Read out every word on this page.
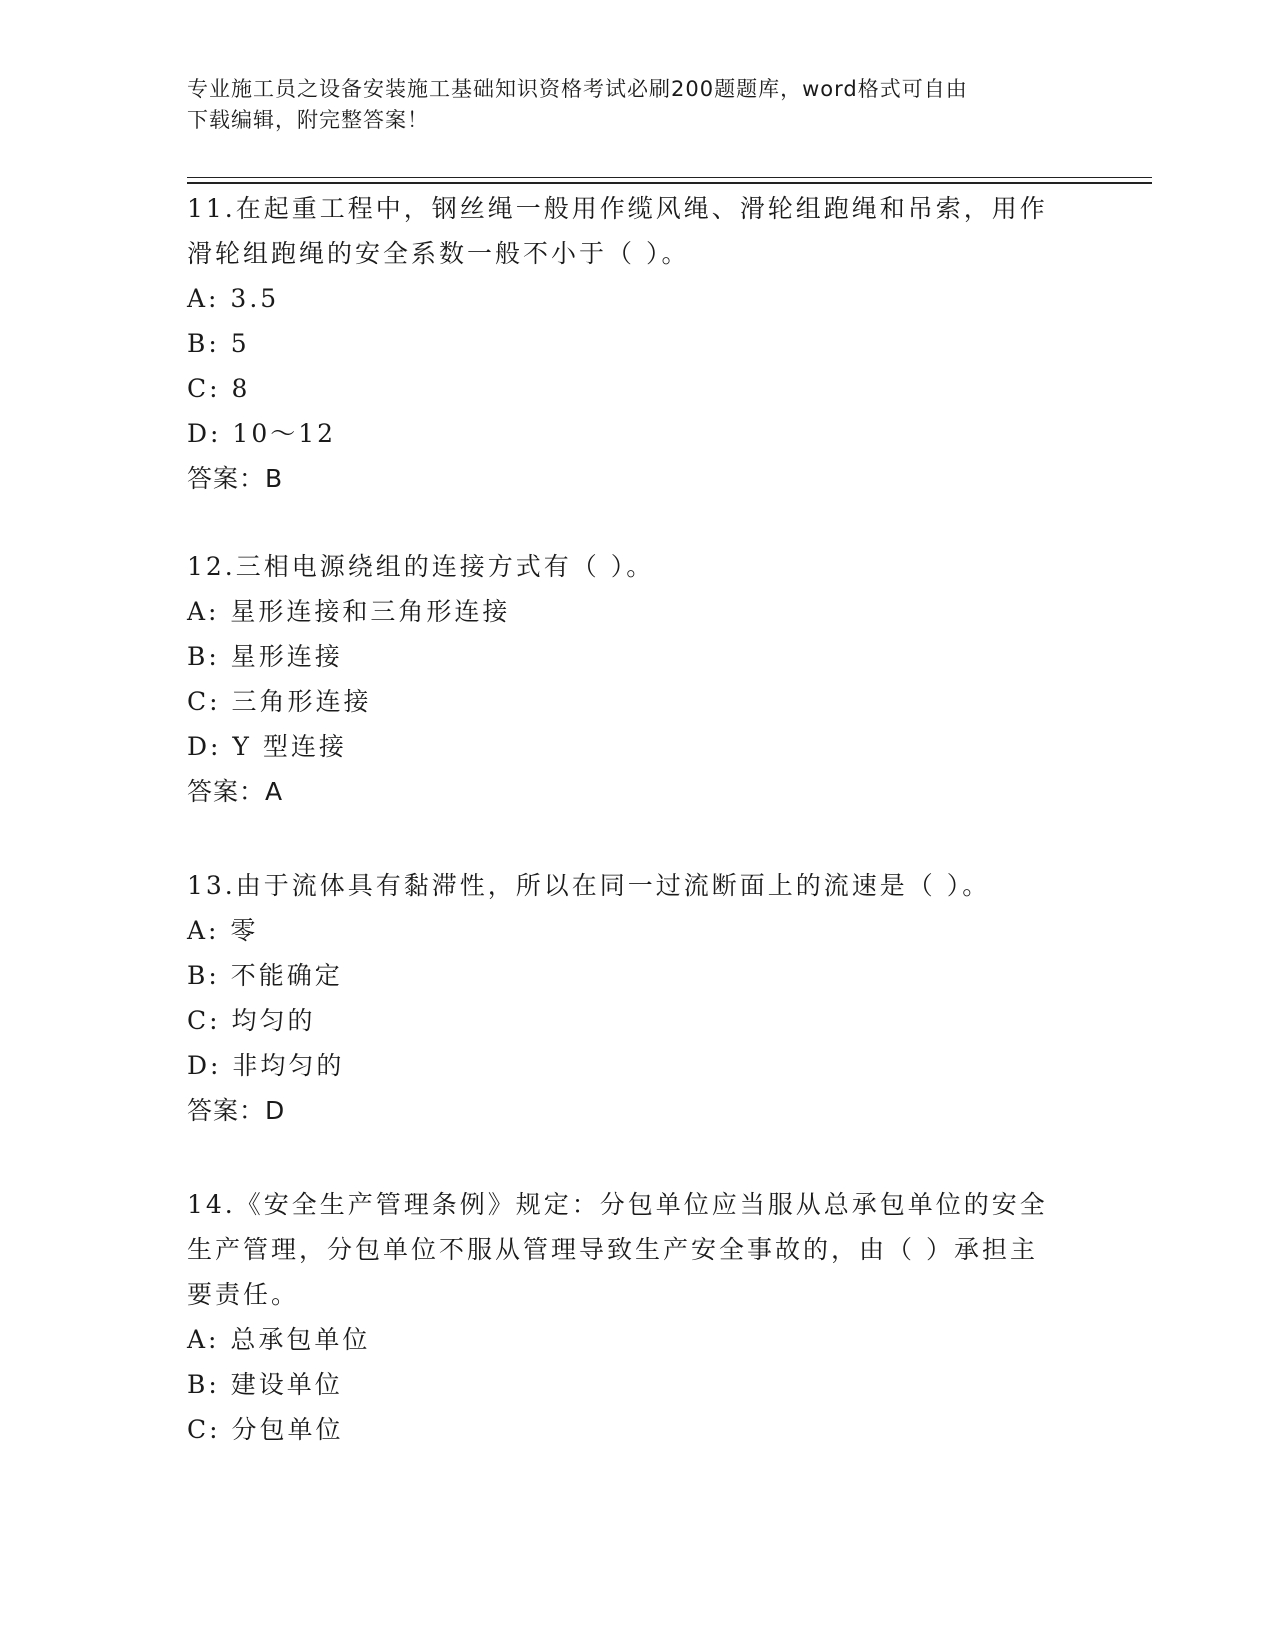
专业施工员之设备安装施工基础知识资格考试必刷200题题库，word格式可自由
下载编辑，附完整答案！

11.在起重工程中，钢丝绳一般用作缆风绳、滑轮组跑绳和吊索，用作

滑轮组跑绳的安全系数一般不小于（ ）。

A: 3.5

B: 5

C: 8

D: 10～12

答案：B

12.三相电源绕组的连接方式有（ ）。

A: 星形连接和三角形连接

B: 星形连接

C: 三角形连接

D: Y 型连接

答案：A

13.由于流体具有黏滞性，所以在同一过流断面上的流速是（ ）。

A: 零

B: 不能确定

C: 均匀的

D: 非均匀的

答案：D

14.《安全生产管理条例》规定：分包单位应当服从总承包单位的安全

生产管理，分包单位不服从管理导致生产安全事故的，由（ ）承担主

要责任。

A: 总承包单位

B: 建设单位

C: 分包单位
